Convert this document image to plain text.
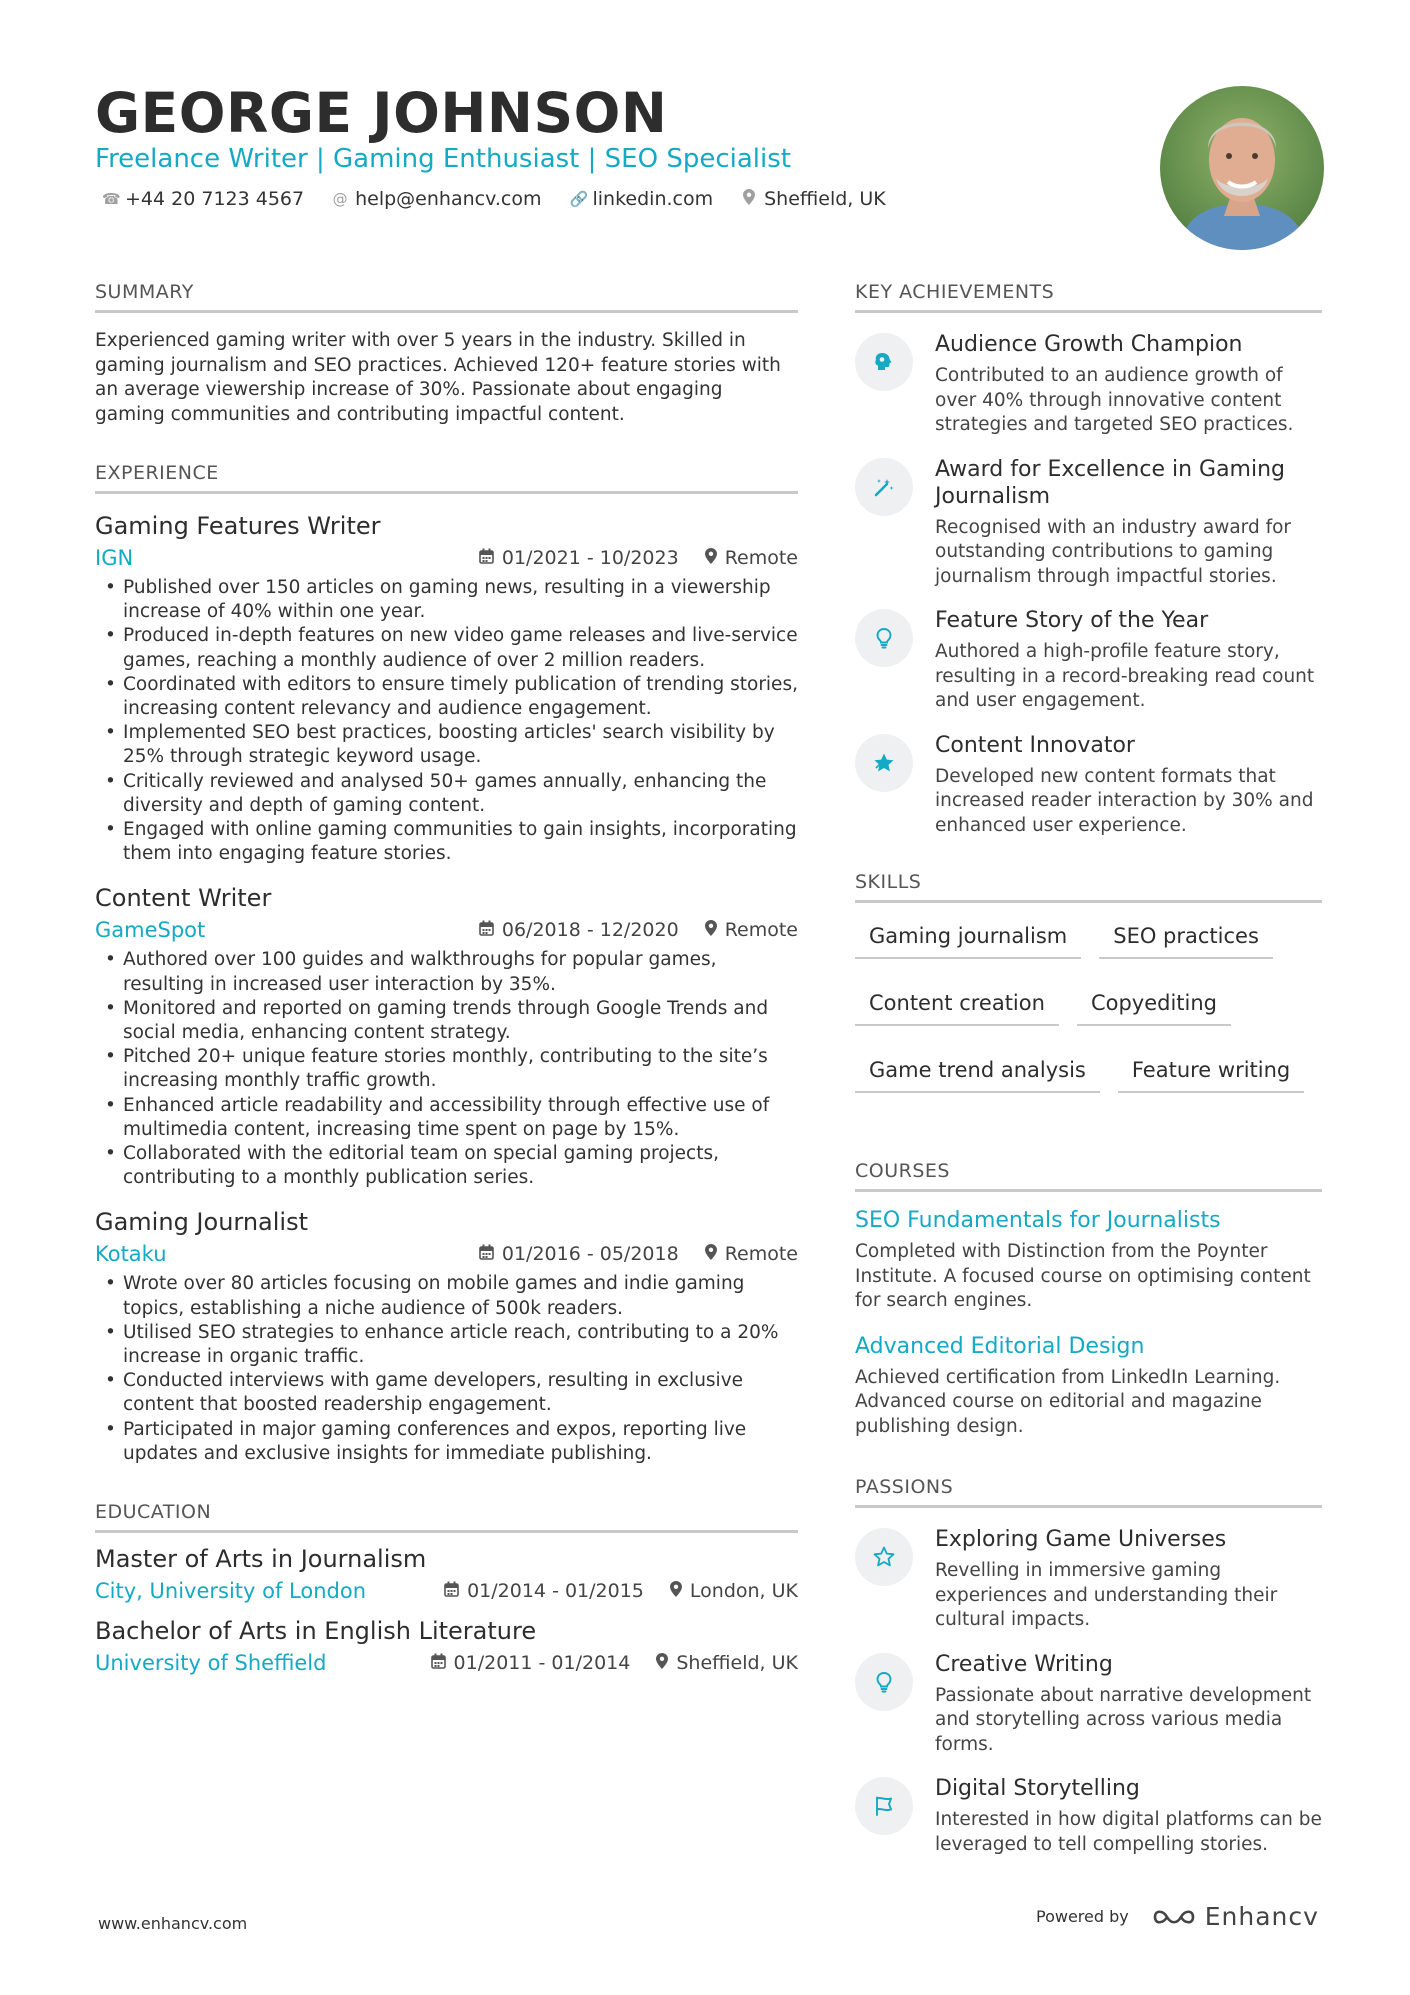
GEORGE JOHNSON
Freelance Writer | Gaming Enthusiast | SEO Specialist
☎ +44 20 7123 4567 @ help@enhancv.com 🔗 linkedin.com	Sheffield, UK
SUMMARY
Experienced gaming writer with over 5 years in the industry. Skilled in gaming journalism and SEO practices. Achieved 120+ feature stories with an average viewership increase of 30%. Passionate about engaging gaming communities and contributing impactful content.
EXPERIENCE
Gaming Features Writer
IGN	01/2021 - 10/2023 Remote
• Published over 150 articles on gaming news, resulting in a viewership increase of 40% within one year.
• Produced in-depth features on new video game releases and live-service games, reaching a monthly audience of over 2 million readers.
• Coordinated with editors to ensure timely publication of trending stories, increasing content relevancy and audience engagement.
• Implemented SEO best practices, boosting articles' search visibility by 25% through strategic keyword usage.
• Critically reviewed and analysed 50+ games annually, enhancing the diversity and depth of gaming content.
• Engaged with online gaming communities to gain insights, incorporating them into engaging feature stories.
Content Writer
GameSpot	06/2018 - 12/2020 Remote
• Authored over 100 guides and walkthroughs for popular games, resulting in increased user interaction by 35%.
• Monitored and reported on gaming trends through Google Trends and social media, enhancing content strategy.
• Pitched 20+ unique feature stories monthly, contributing to the site’s increasing monthly traffic growth.
• Enhanced article readability and accessibility through effective use of multimedia content, increasing time spent on page by 15%.
• Collaborated with the editorial team on special gaming projects, contributing to a monthly publication series.
Gaming Journalist
Kotaku	01/2016 - 05/2018 Remote
• Wrote over 80 articles focusing on mobile games and indie gaming topics, establishing a niche audience of 500k readers.
• Utilised SEO strategies to enhance article reach, contributing to a 20% increase in organic traffic.
• Conducted interviews with game developers, resulting in exclusive content that boosted readership engagement.
• Participated in major gaming conferences and expos, reporting live updates and exclusive insights for immediate publishing.
EDUCATION
Master of Arts in Journalism
City, University of London	01/2014 - 01/2015 London, UK
Bachelor of Arts in English Literature
University of Sheffield	01/2011 - 01/2014 Sheffield, UK
KEY ACHIEVEMENTS
Audience Growth Champion
Contributed to an audience growth of over 40% through innovative content strategies and targeted SEO practices.
Award for Excellence in Gaming Journalism
Recognised with an industry award for outstanding contributions to gaming journalism through impactful stories.
Feature Story of the Year
Authored a high-profile feature story, resulting in a record-breaking read count and user engagement.
Content Innovator
Developed new content formats that increased reader interaction by 30% and enhanced user experience.
SKILLS
Gaming journalism	SEO practices
Content creation	Copyediting
Game trend analysis	Feature writing
COURSES
SEO Fundamentals for Journalists
Completed with Distinction from the Poynter Institute. A focused course on optimising content for search engines.
Advanced Editorial Design
Achieved certification from LinkedIn Learning. Advanced course on editorial and magazine publishing design.
PASSIONS
Exploring Game Universes
Revelling in immersive gaming experiences and understanding their cultural impacts.
Creative Writing
Passionate about narrative development and storytelling across various media forms.
Digital Storytelling
Interested in how digital platforms can be leveraged to tell compelling stories.
www.enhancv.com	Powered by	Enhancv
